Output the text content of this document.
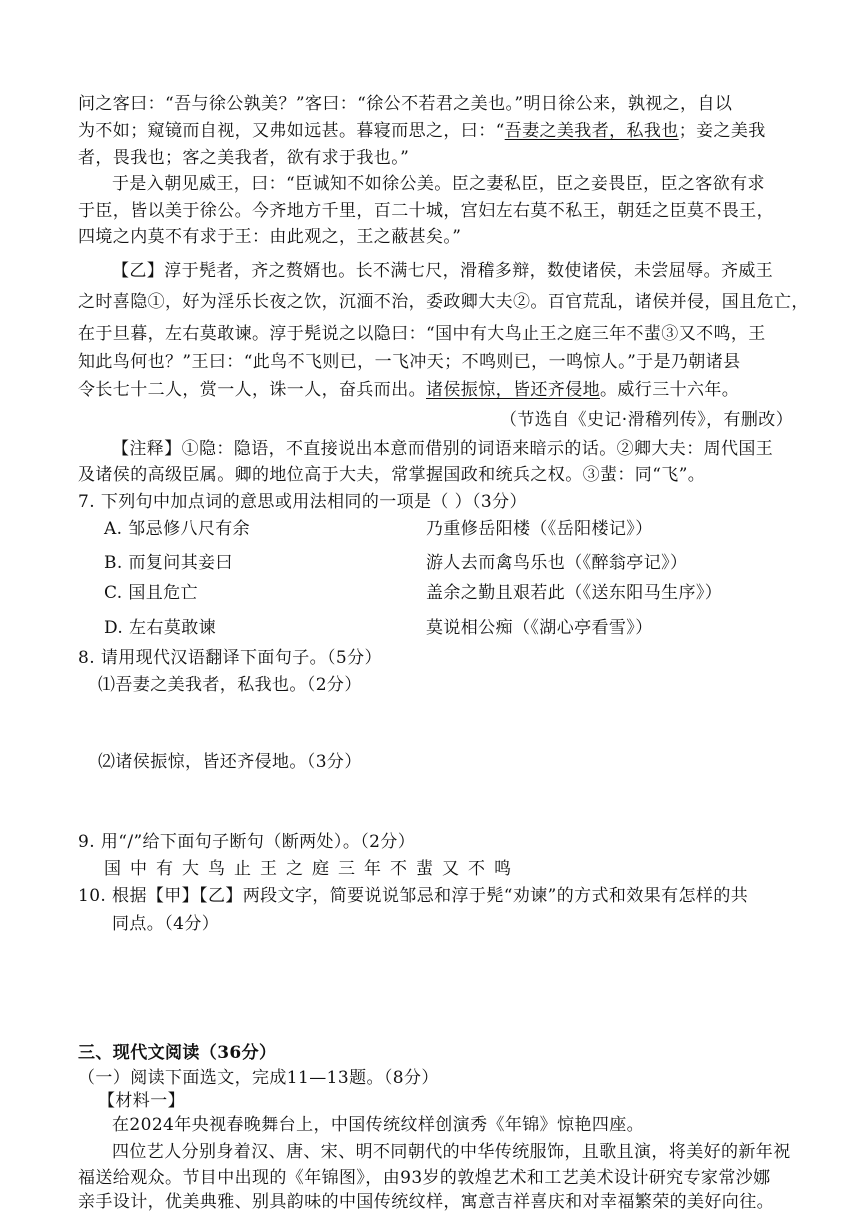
问之客曰：“吾与徐公孰美？”客曰：“徐公不若君之美也。”明日徐公来，孰视之，自以
为不如；窥镜而自视，又弗如远甚。暮寝而思之，曰：“吾妻之美我者，私我也；妾之美我
者，畏我也；客之美我者，欲有求于我也。”
于是入朝见威王，曰：“臣诚知不如徐公美。臣之妻私臣，臣之妾畏臣，臣之客欲有求
于臣，皆以美于徐公。今齐地方千里，百二十城，宫妇左右莫不私王，朝廷之臣莫不畏王，
四境之内莫不有求于王：由此观之，王之蔽甚矣。”
【乙】淳于髡者，齐之赘婿也。长不满七尺，滑稽多辩，数使诸侯，未尝屈辱。齐威王
之时喜隐①，好为淫乐长夜之饮，沉湎不治，委政卿大夫②。百官荒乱，诸侯并侵，国且危亡，
在于旦暮，左右莫敢谏。淳于髡说之以隐曰：“国中有大鸟止王之庭三年不蜚③又不鸣，王
知此鸟何也？”王曰：“此鸟不飞则已，一飞冲天；不鸣则已，一鸣惊人。”于是乃朝诸县
令长七十二人，赏一人，诛一人，奋兵而出。诸侯振惊，皆还齐侵地。威行三十六年。
（节选自《史记·滑稽列传》，有删改）
【注释】①隐：隐语，不直接说出本意而借别的词语来暗示的话。②卿大夫：周代国王
及诸侯的高级臣属。卿的地位高于大夫，常掌握国政和统兵之权。③蜚：同“飞”。
7. 下列句中加点词的意思或用法相同的一项是（ ）（3分）
A. 邹忌修八尺有余	乃重修岳阳楼（《岳阳楼记》）
B. 而复问其妾曰	游人去而禽鸟乐也（《醉翁亭记》）
C. 国且危亡	盖余之勤且艰若此（《送东阳马生序》）
D. 左右莫敢谏	莫说相公痴（《湖心亭看雪》）
8. 请用现代汉语翻译下面句子。（5分）
⑴吾妻之美我者，私我也。（2分）
⑵诸侯振惊，皆还齐侵地。（3分）
9. 用“/”给下面句子断句（断两处）。（2分）
国中有大鸟止王之庭三年不蜚又不鸣
10. 根据【甲】【乙】两段文字，简要说说邹忌和淳于髡“劝谏”的方式和效果有怎样的共
同点。（4分）
三、现代文阅读（36分）
（一）阅读下面选文，完成11—13题。（8分）
【材料一】
在2024年央视春晚舞台上，中国传统纹样创演秀《年锦》惊艳四座。
四位艺人分别身着汉、唐、宋、明不同朝代的中华传统服饰，且歌且演，将美好的新年祝
福送给观众。节目中出现的《年锦图》，由93岁的敦煌艺术和工艺美术设计研究专家常沙娜
亲手设计，优美典雅、别具韵味的中国传统纹样，寓意吉祥喜庆和对幸福繁荣的美好向往。
